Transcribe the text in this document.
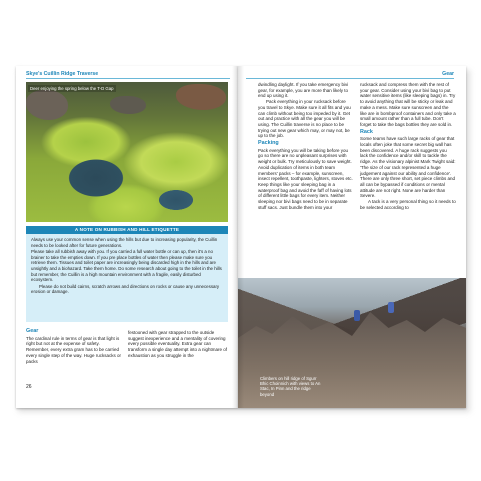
Skye's Cuillin Ridge Traverse
Deer enjoying the spring below the T-D Gap
A NOTE ON RUBBISH AND HILL ETIQUETTE

Always use your common sense when using the hills but due to increasing popularity, the Cuillin needs to be looked after for future generations.

Please take all rubbish away with you. If you carried a full water bottle or can up, then it's a no brainer to take the empties down. If you pre place bottles of water then please make sure you retrieve them. Tissues and toilet paper are increasingly being discarded high in the hills and are unsightly and a biohazard. Take them home. Do some research about going to the toilet in the hills but remember, the Cuillin is a high mountain environment with a fragile, easily disturbed ecosystem.

Please do not build cairns, scratch arrows and directions on rocks or cause any unnecessary erosion or damage.

Gear

The cardinal rule in terms of gear is that light is right but not at the expense of safety. Remember, every extra gram has to be carried every single step of the way. Huge rucksacks or packs

festooned with gear strapped to the outside suggest inexperience and a mentality of covering every possible eventuality. Extra gear can transform a single day attempt into a nightmare of exhaustion as you struggle in the

26
Gear

dwindling daylight. If you take emergency bivi gear, for example, you are more than likely to end up using it.

Pack everything in your rucksack before you travel to Skye. Make sure it all fits and you can climb without being too impeded by it. Get out and practice with all the gear you will be using. The Cuillin traverse is no place to be trying out new gear which may, or may not, be up to the job.

Packing

Pack everything you will be taking before you go so there are no unpleasant surprises with weight or bulk. Try meticulously to save weight. Avoid duplication of items in both team members' packs – for example, sunscreen, insect repellent, toothpaste, lighters, stoves etc. Keep things like your sleeping bag in a waterproof bag and avoid the faff of having lots of different little bags for every item. Neither sleeping nor bivi bags need to be in separate stuff sacs. Just bundle them into your

rucksack and compress them with the rest of your gear. Consider using your bivi bag to put water sensitive items (like sleeping bags) in. Try to avoid anything that will be sticky or leak and make a mess. Make sure sunscreen and the like are in bombproof containers and only take a small amount rather than a full tube. Don't forget to take the bags bottles they are sold in.

Rack

Some teams have such large racks of gear that locals often joke that some secret big wall has been discovered. A huge rack suggests you lack the confidence and/or skill to tackle the ridge. As the visionary alpinist Mark Twight said: 'The size of our rack represented a huge judgement against our ability and confidence'. There are only three short, set piece climbs and all can be bypassed if conditions or mental attitude are not right. None are harder than Severe.

A tack is a very personal thing so it needs to be selected according to

Climbers on hill ridge of Sgurr Bhic Choinnich with views to An Stac, In Pinn and the ridge beyond
